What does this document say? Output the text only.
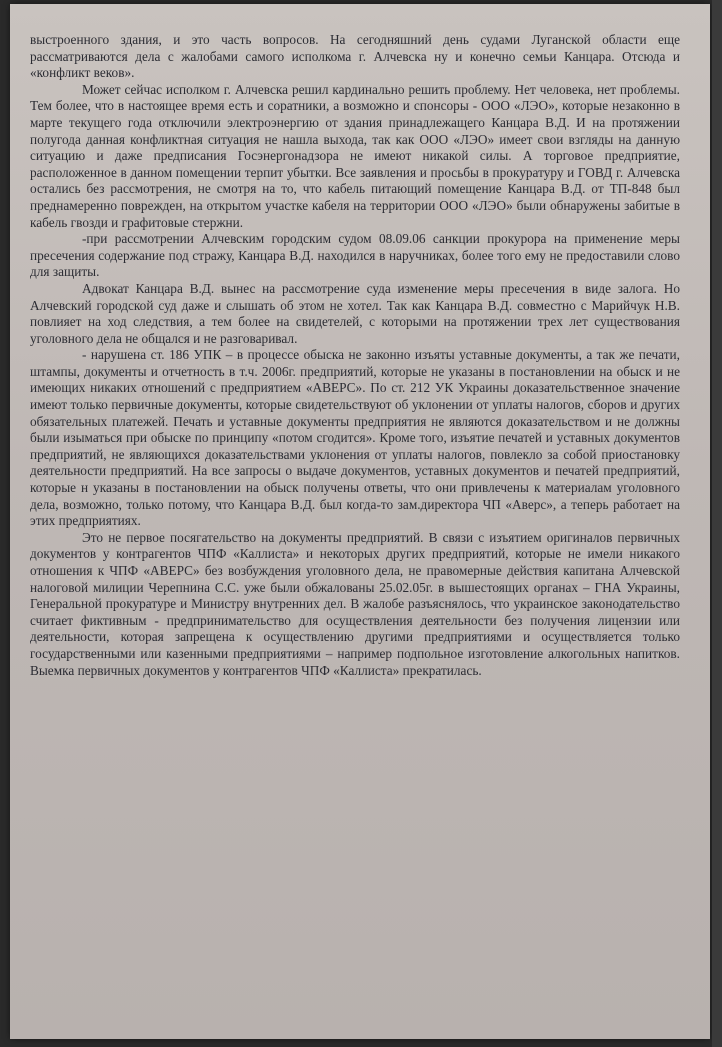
выстроенного здания, и это часть вопросов. На сегодняшний день судами Луганской области еще рассматриваются дела с жалобами самого исполкома г. Алчевска ну и конечно семьи Канцара. Отсюда и «конфликт веков».

Может сейчас исполком г. Алчевска решил кардинально решить проблему. Нет человека, нет проблемы. Тем более, что в настоящее время есть и соратники, а возможно и спонсоры - ООО «ЛЭО», которые незаконно в марте текущего года отключили электроэнергию от здания принадлежащего Канцара В.Д. И на протяжении полугода данная конфликтная ситуация не нашла выхода, так как ООО «ЛЭО» имеет свои взгляды на данную ситуацию и даже предписания Госэнергонадзора не имеют никакой силы. А торговое предприятие, расположенное в данном помещении терпит убытки. Все заявления и просьбы в прокуратуру и ГОВД г. Алчевска остались без рассмотрения, не смотря на то, что кабель питающий помещение Канцара В.Д. от ТП-848 был преднамеренно поврежден, на открытом участке кабеля на территории ООО «ЛЭО» были обнаружены забитые в кабель гвозди и графитовые стержни.

-при рассмотрении Алчевским городским судом 08.09.06 санкции прокурора на применение меры пресечения содержание под стражу, Канцара В.Д. находился в наручниках, более того ему не предоставили слово для защиты.

Адвокат Канцара В.Д. вынес на рассмотрение суда изменение меры пресечения в виде залога. Но Алчевский городской суд даже и слышать об этом не хотел. Так как Канцара В.Д. совместно с Марийчук Н.В. повлияет на ход следствия, а тем более на свидетелей, с которыми на протяжении трех лет существования уголовного дела не общался и не разговаривал.

- нарушена ст. 186 УПК – в процессе обыска не законно изъяты уставные документы, а так же печати, штампы, документы и отчетность в т.ч. 2006г. предприятий, которые не указаны в постановлении на обыск и не имеющих никаких отношений с предприятием «АВЕРС». По ст. 212 УК Украины доказательственное значение имеют только первичные документы, которые свидетельствуют об уклонении от уплаты налогов, сборов и других обязательных платежей. Печать и уставные документы предприятия не являются доказательством и не должны были изыматься при обыске по принципу «потом сгодится». Кроме того, изъятие печатей и уставных документов предприятий, не являющихся доказательствами уклонения от уплаты налогов, повлекло за собой приостановку деятельности предприятий. На все запросы о выдаче документов, уставных документов и печатей предприятий, которые н указаны в постановлении на обыск получены ответы, что они привлечены к материалам уголовного дела, возможно, только потому, что Канцара В.Д. был когда-то зам.директора ЧП «Аверс», а теперь работает на этих предприятиях.

Это не первое посягательство на документы предприятий. В связи с изъятием оригиналов первичных документов у контрагентов ЧПФ «Каллиста» и некоторых других предприятий, которые не имели никакого отношения к ЧПФ «АВЕРС» без возбуждения уголовного дела, не правомерные действия капитана Алчевской налоговой милиции Черепнина С.С. уже были обжалованы 25.02.05г. в вышестоящих органах – ГНА Украины, Генеральной прокуратуре и Министру внутренних дел. В жалобе разъяснялось, что украинское законодательство считает фиктивным - предпринимательство для осуществления деятельности без получения лицензии или деятельности, которая запрещена к осуществлению другими предприятиями и осуществляется только государственными или казенными предприятиями – например подпольное изготовление алкогольных напитков. Выемка первичных документов у контрагентов ЧПФ «Каллиста» прекратилась.
